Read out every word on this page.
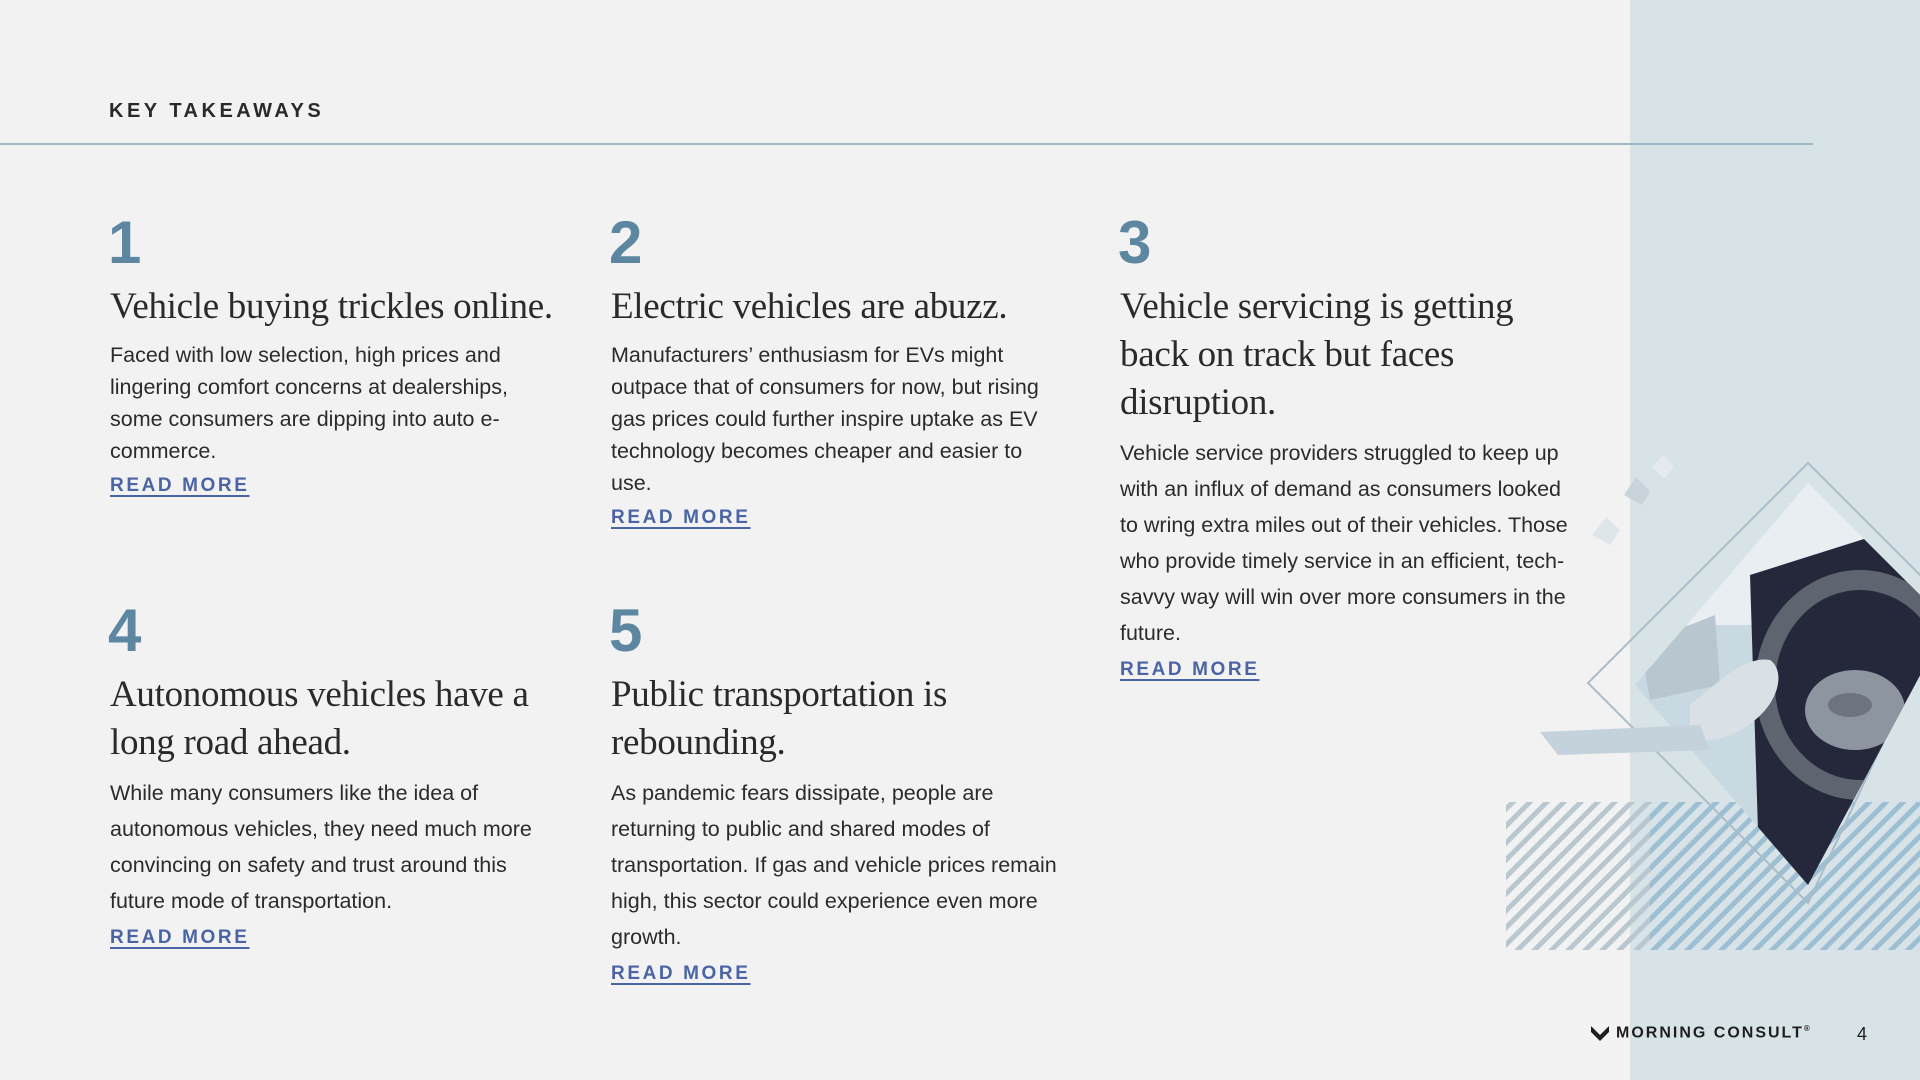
KEY TAKEAWAYS
1
Vehicle buying trickles online.
Faced with low selection, high prices and lingering comfort concerns at dealerships, some consumers are dipping into auto e-commerce.
READ MORE
2
Electric vehicles are abuzz.
Manufacturers’ enthusiasm for EVs might outpace that of consumers for now, but rising gas prices could further inspire uptake as EV technology becomes cheaper and easier to use.
READ MORE
3
Vehicle servicing is getting back on track but faces disruption.
Vehicle service providers struggled to keep up with an influx of demand as consumers looked to wring extra miles out of their vehicles. Those who provide timely service in an efficient, tech-savvy way will win over more consumers in the future.
READ MORE
4
Autonomous vehicles have a long road ahead.
While many consumers like the idea of autonomous vehicles, they need much more convincing on safety and trust around this future mode of transportation.
READ MORE
5
Public transportation is rebounding.
As pandemic fears dissipate, people are returning to public and shared modes of transportation. If gas and vehicle prices remain high, this sector could experience even more growth.
READ MORE
MORNING CONSULT®	4
